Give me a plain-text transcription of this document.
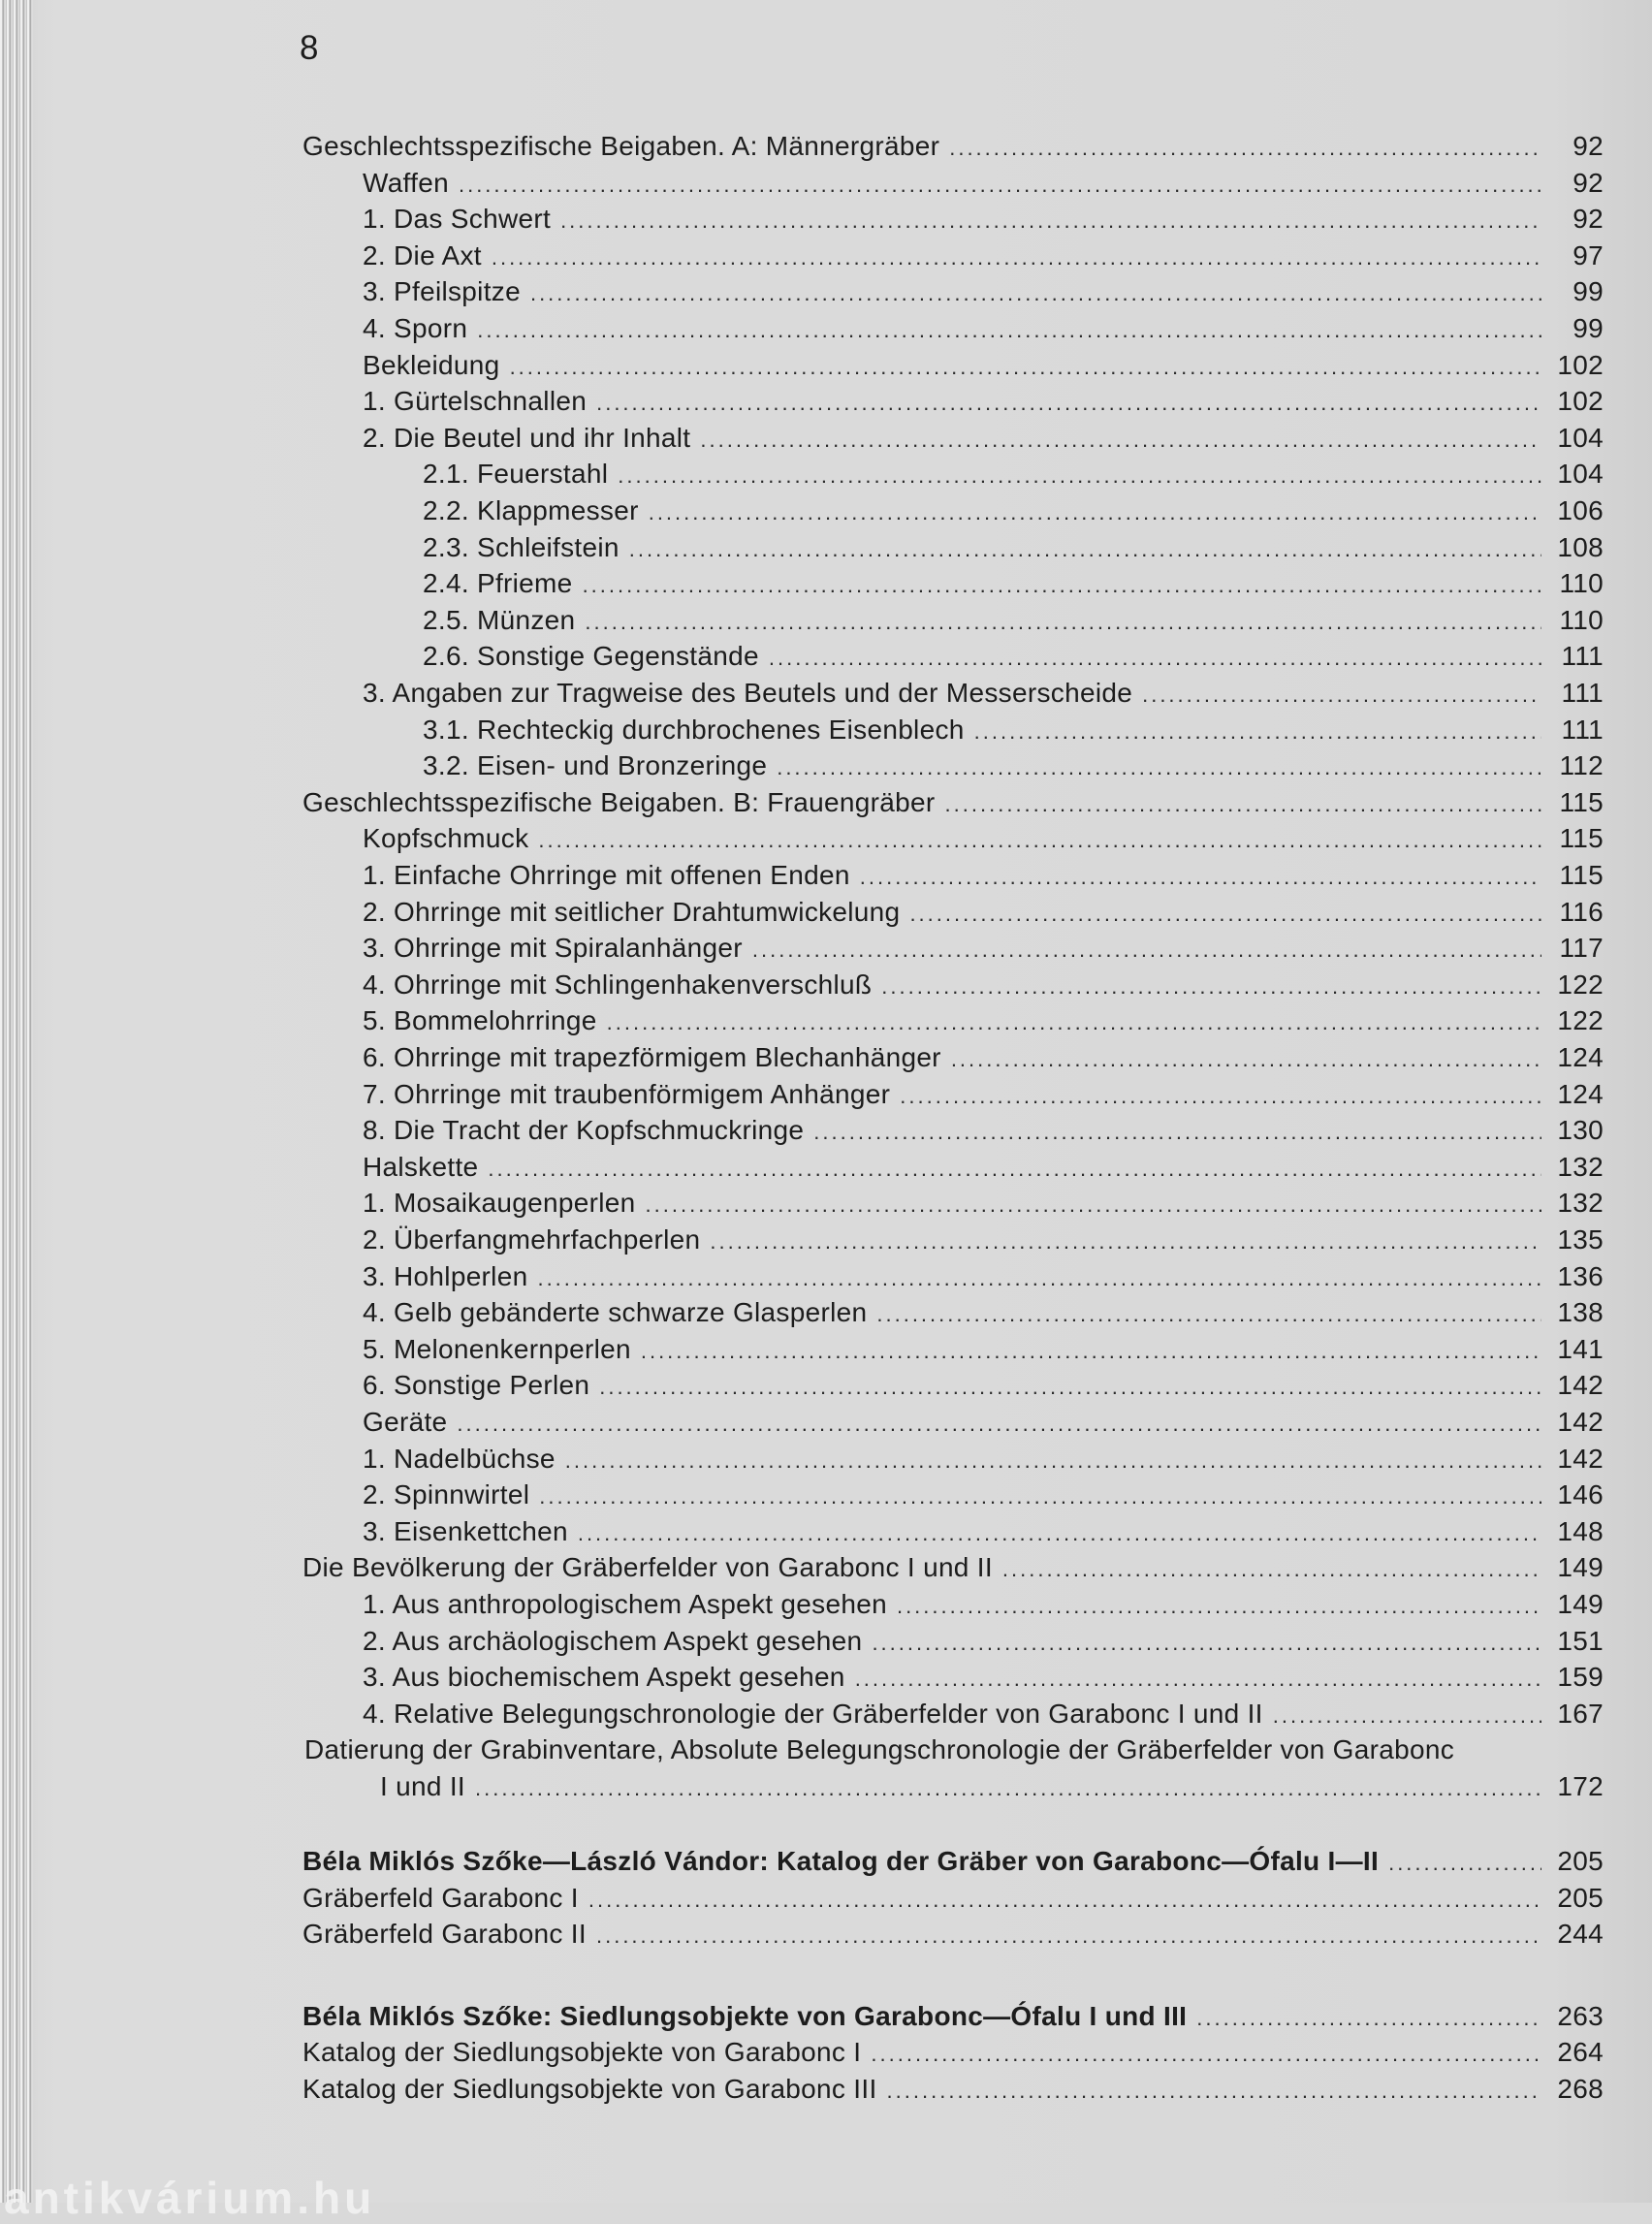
8
Geschlechtsspezifische Beigaben. A: Männergräber .....	92
Waffen .....	92
1. Das Schwert .....	92
2. Die Axt .....	97
3. Pfeilspitze .....	99
4. Sporn .....	99
Bekleidung .....	102
1. Gürtelschnallen .....	102
2. Die Beutel und ihr Inhalt .....	104
2.1. Feuerstahl .....	104
2.2. Klappmesser .....	106
2.3. Schleifstein .....	108
2.4. Pfrieme .....	110
2.5. Münzen .....	110
2.6. Sonstige Gegenstände .....	111
3. Angaben zur Tragweise des Beutels und der Messerscheide .....	111
3.1. Rechteckig durchbrochenes Eisenblech .....	111
3.2. Eisen- und Bronzeringe .....	112
Geschlechtsspezifische Beigaben. B: Frauengräber .....	115
Kopfschmuck .....	115
1. Einfache Ohrringe mit offenen Enden .....	115
2. Ohrringe mit seitlicher Drahtumwickelung .....	116
3. Ohrringe mit Spiralanhänger .....	117
4. Ohrringe mit Schlingenhakenverschluß .....	122
5. Bommelohrringe .....	122
6. Ohrringe mit trapezförmigem Blechanhänger .....	124
7. Ohrringe mit traubenförmigem Anhänger .....	124
8. Die Tracht der Kopfschmuckringe .....	130
Halskette .....	132
1. Mosaikaugenperlen .....	132
2. Überfangmehrfachperlen .....	135
3. Hohlperlen .....	136
4. Gelb gebänderte schwarze Glasperlen .....	138
5. Melonenkernperlen .....	141
6. Sonstige Perlen .....	142
Geräte .....	142
1. Nadelbüchse .....	142
2. Spinnwirtel .....	146
3. Eisenkettchen .....	148
Die Bevölkerung der Gräberfelder von Garabonc I und II .....	149
1. Aus anthropologischem Aspekt gesehen .....	149
2. Aus archäologischem Aspekt gesehen .....	151
3. Aus biochemischem Aspekt gesehen .....	159
4. Relative Belegungschronologie der Gräberfelder von Garabonc I und II .....	167
Datierung der Grabinventare, Absolute Belegungschronologie der Gräberfelder von Garabonc
I und II .....	172
Béla Miklós Szőke—László Vándor: Katalog der Gräber von Garabonc—Ófalu I—II .....	205
Gräberfeld Garabonc I .....	205
Gräberfeld Garabonc II .....	244
Béla Miklós Szőke: Siedlungsobjekte von Garabonc—Ófalu I und III .....	263
Katalog der Siedlungsobjekte von Garabonc I .....	264
Katalog der Siedlungsobjekte von Garabonc III .....	268
antikvárium.hu
